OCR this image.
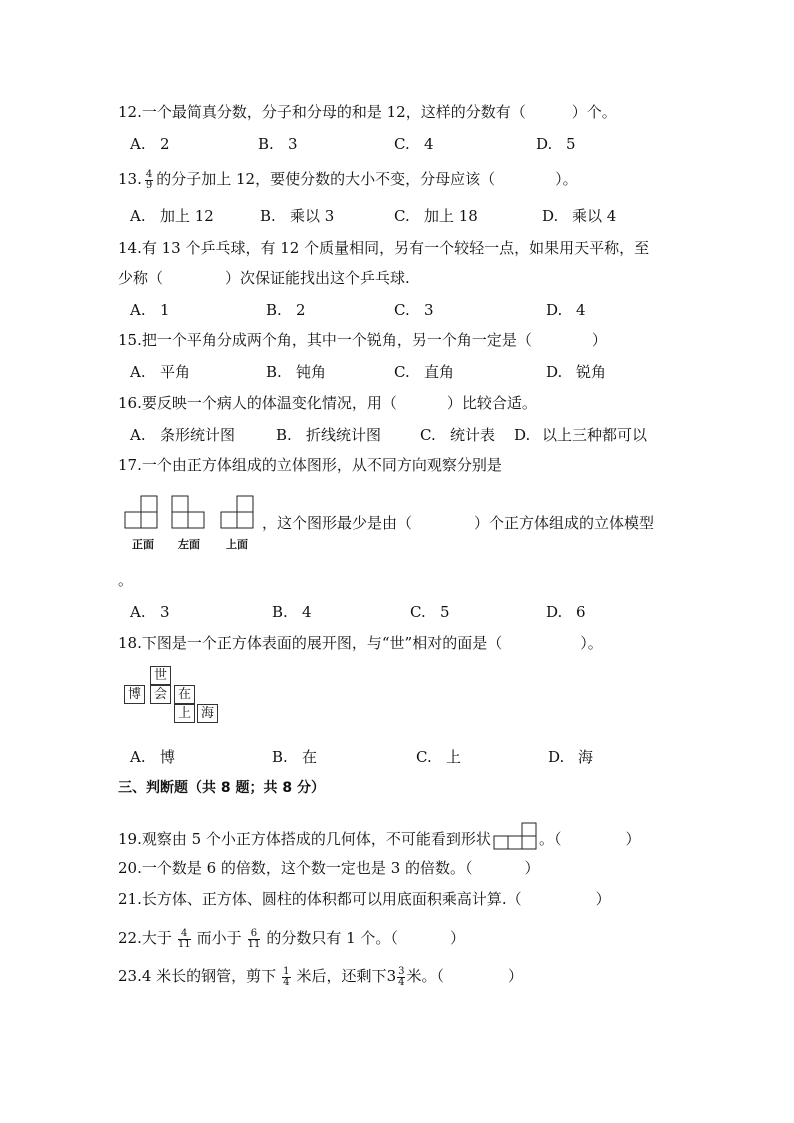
12.一个最简真分数，分子和分母的和是 12，这样的分数有（	）个。
A. 2	B. 3	C. 4	D. 5
13. $\frac{4}{9}$ 的分子加上 12，要使分数的大小不变，分母应该（	）。
A. 加上 12	B. 乘以 3	C. 加上 18	D. 乘以 4
14.有 13 个乒乓球，有 12 个质量相同，另有一个较轻一点，如果用天平称，至
少称（	）次保证能找出这个乒乓球.
A. 1	B. 2	C. 3	D. 4
15.把一个平角分成两个角，其中一个锐角，另一个角一定是（	）
A. 平角	B. 钝角	C. 直角	D. 锐角
16.要反映一个病人的体温变化情况，用（	）比较合适。
A. 条形统计图	B. 折线统计图	C. 统计表 D. 以上三种都可以
17.一个由正方体组成的立体图形，从不同方向观察分别是
正面 左面 上面
，这个图形最少是由（	）个正方体组成的立体模型
。
A. 3	B. 4	C. 5	D. 6
18.下图是一个正方体表面的展开图，与“世”相对的面是（	）。
世
博 会 在
上 海
A. 博	B. 在	C. 上	D. 海
三、判断题（共 8 题；共 8 分）
19.观察由 5 个小正方体搭成的几何体，不可能看到形状	。（	）
20.一个数是 6 的倍数，这个数一定也是 3 的倍数。（	）
21.长方体、正方体、圆柱的体积都可以用底面积乘高计算.（	）
22.大于 $\frac{4}{11}$ 而小于 $\frac{6}{11}$ 的分数只有 1 个。（	）
23.4 米长的钢管，剪下 $\frac{1}{4}$ 米后，还剩下$3 \frac{3}{4}$ 米。（	）
